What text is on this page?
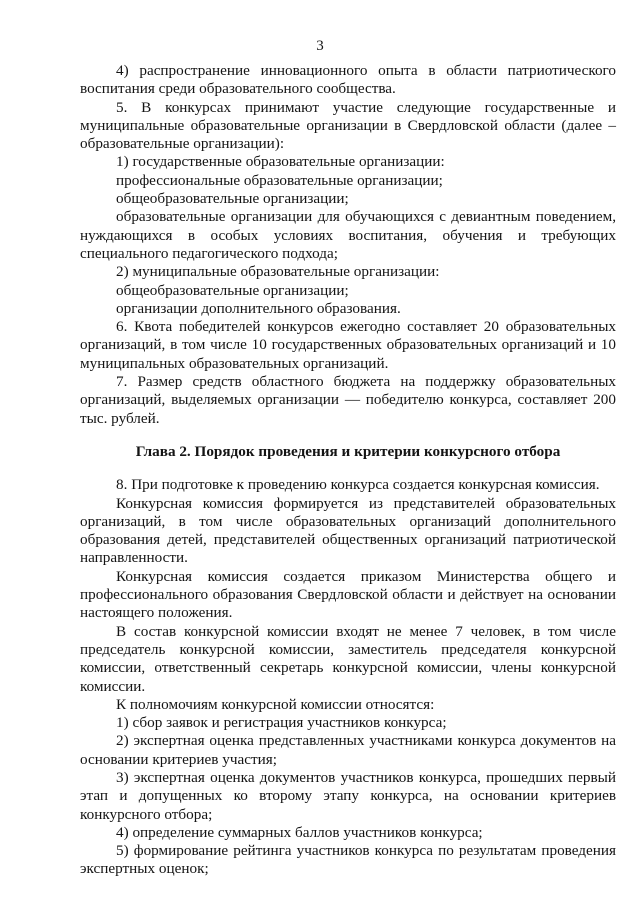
3

4) распространение инновационного опыта в области патриотического воспитания среди образовательного сообщества.

5. В конкурсах принимают участие следующие государственные и муниципальные образовательные организации в Свердловской области (далее – образовательные организации):

1) государственные образовательные организации:

профессиональные образовательные организации;

общеобразовательные организации;

образовательные организации для обучающихся с девиантным поведением, нуждающихся в особых условиях воспитания, обучения и требующих специального педагогического подхода;

2) муниципальные образовательные организации:

общеобразовательные организации;

организации дополнительного образования.

6. Квота победителей конкурсов ежегодно составляет 20 образовательных организаций, в том числе 10 государственных образовательных организаций и 10 муниципальных образовательных организаций.

7. Размер средств областного бюджета на поддержку образовательных организаций, выделяемых организации — победителю конкурса, составляет 200 тыс. рублей.

Глава 2. Порядок проведения и критерии конкурсного отбора

8. При подготовке к проведению конкурса создается конкурсная комиссия.

Конкурсная комиссия формируется из представителей образовательных организаций, в том числе образовательных организаций дополнительного образования детей, представителей общественных организаций патриотической направленности.

Конкурсная комиссия создается приказом Министерства общего и профессионального образования Свердловской области и действует на основании настоящего положения.

В состав конкурсной комиссии входят не менее 7 человек, в том числе председатель конкурсной комиссии, заместитель председателя конкурсной комиссии, ответственный секретарь конкурсной комиссии, члены конкурсной комиссии.

К полномочиям конкурсной комиссии относятся:

1) сбор заявок и регистрация участников конкурса;

2) экспертная оценка представленных участниками конкурса документов на основании критериев участия;

3) экспертная оценка документов участников конкурса, прошедших первый этап и допущенных ко второму этапу конкурса, на основании критериев конкурсного отбора;

4) определение суммарных баллов участников конкурса;

5) формирование рейтинга участников конкурса по результатам проведения экспертных оценок;
